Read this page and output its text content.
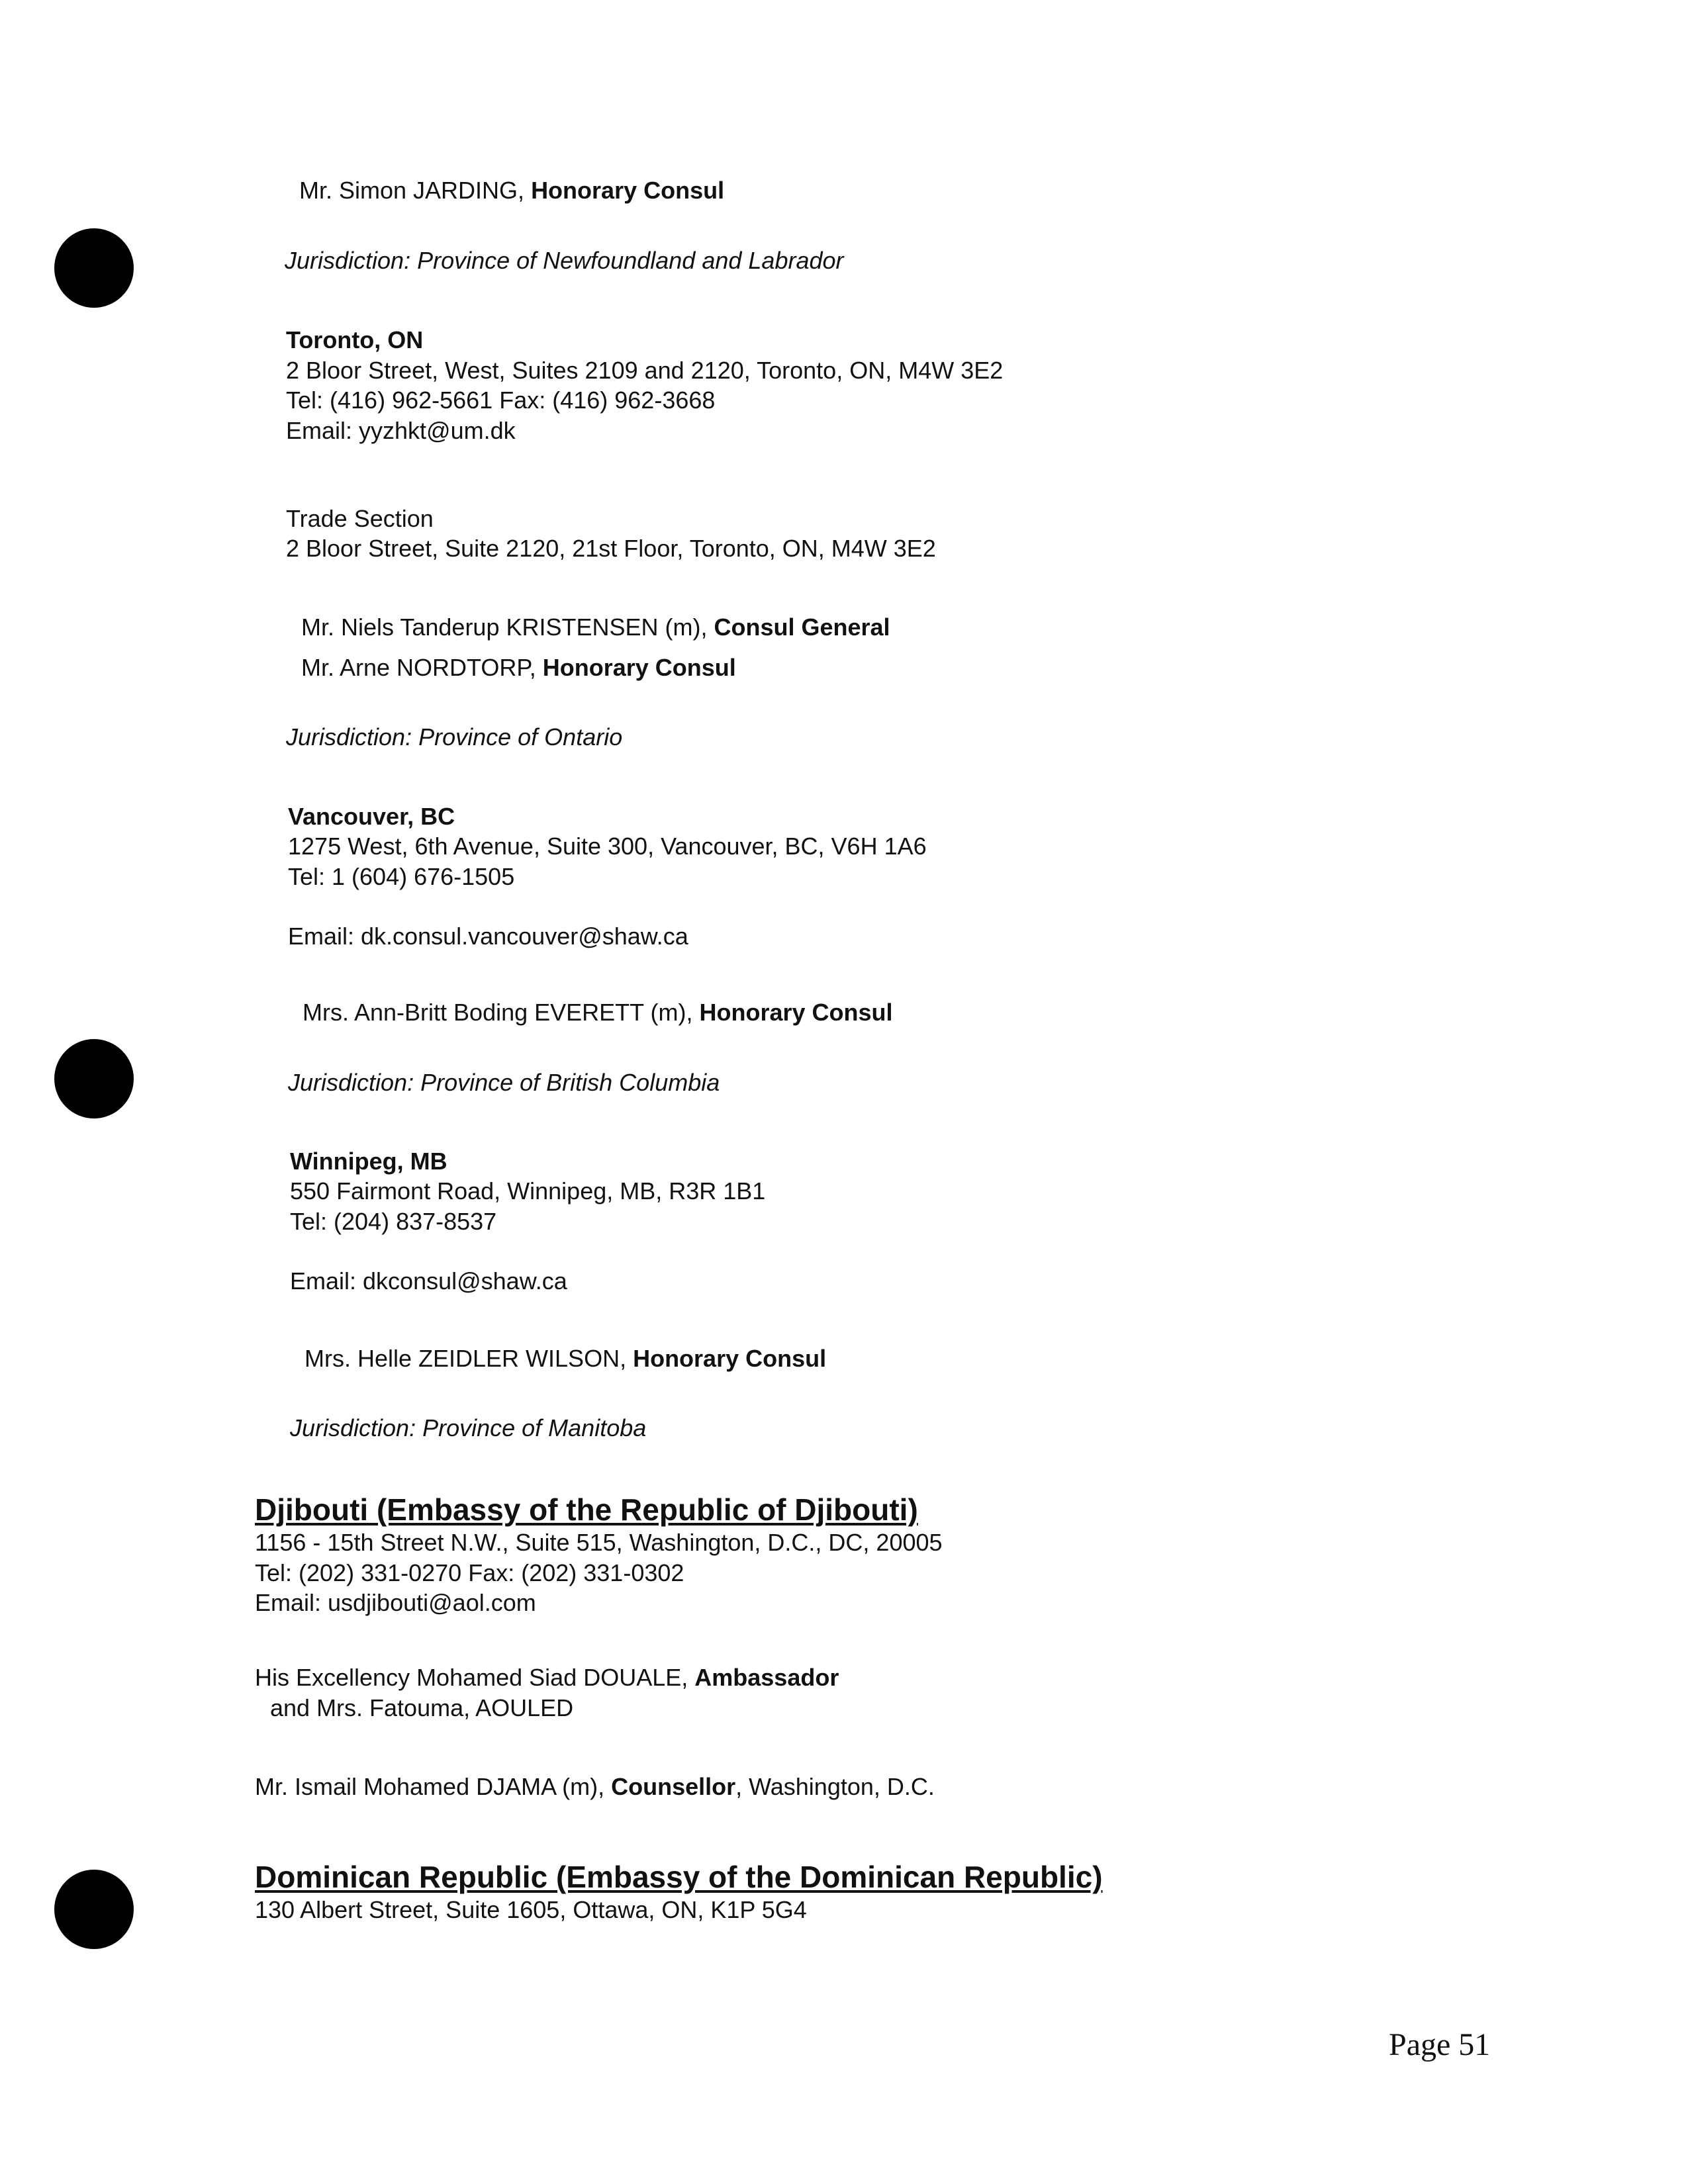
Mr. Simon JARDING, Honorary Consul
Jurisdiction: Province of Newfoundland and Labrador
Toronto, ON
2 Bloor Street, West, Suites 2109 and 2120, Toronto, ON, M4W 3E2
Tel: (416) 962-5661 Fax: (416) 962-3668
Email: yyzhkt@um.dk
Trade Section
2 Bloor Street, Suite 2120, 21st Floor, Toronto, ON, M4W 3E2
Mr. Niels Tanderup KRISTENSEN (m), Consul General
Mr. Arne NORDTORP, Honorary Consul
Jurisdiction: Province of Ontario
Vancouver, BC
1275 West, 6th Avenue, Suite 300, Vancouver, BC, V6H 1A6
Tel: 1 (604) 676-1505
Email: dk.consul.vancouver@shaw.ca
Mrs. Ann-Britt Boding EVERETT (m), Honorary Consul
Jurisdiction: Province of British Columbia
Winnipeg, MB
550 Fairmont Road, Winnipeg, MB, R3R 1B1
Tel: (204) 837-8537
Email: dkconsul@shaw.ca
Mrs. Helle ZEIDLER WILSON, Honorary Consul
Jurisdiction: Province of Manitoba
Djibouti (Embassy of the Republic of Djibouti)
1156 - 15th Street N.W., Suite 515, Washington, D.C., DC, 20005
Tel: (202) 331-0270 Fax: (202) 331-0302
Email: usdjibouti@aol.com
His Excellency Mohamed Siad DOUALE, Ambassador
and Mrs. Fatouma, AOULED
Mr. Ismail Mohamed DJAMA (m), Counsellor, Washington, D.C.
Dominican Republic (Embassy of the Dominican Republic)
130 Albert Street, Suite 1605, Ottawa, ON, K1P 5G4
Page 51
